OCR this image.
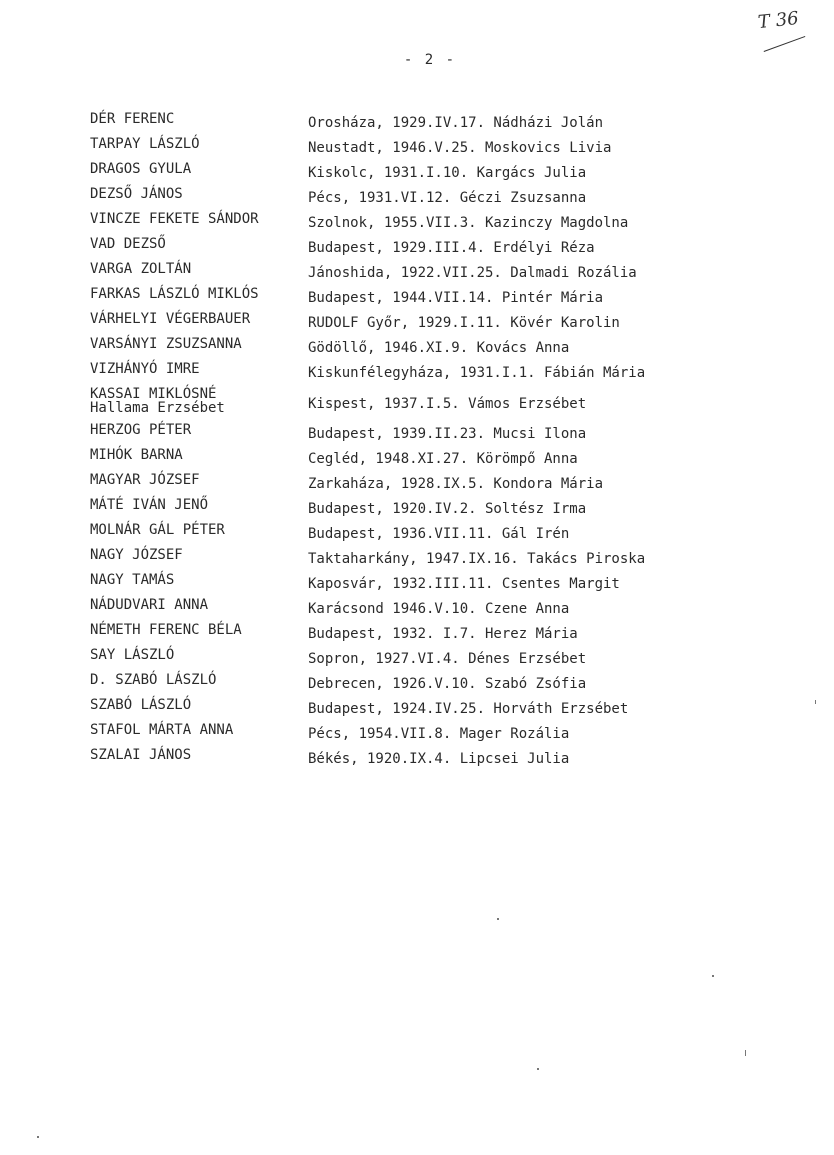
T 36
- 2 -
DÉR FERENC	Orosháza, 1929.IV.17. Nádházi Jolán
TARPAY LÁSZLÓ	Neustadt, 1946.V.25. Moskovics Livia
DRAGOS GYULA	Kiskolc, 1931.I.10. Kargács Julia
DEZSŐ JÁNOS	Pécs, 1931.VI.12. Géczi Zsuzsanna
VINCZE FEKETE SÁNDOR	Szolnok, 1955.VII.3. Kazinczy Magdolna
VAD DEZSŐ	Budapest, 1929.III.4. Erdélyi Réza
VARGA ZOLTÁN	Jánoshida, 1922.VII.25. Dalmadi Rozália
FARKAS LÁSZLÓ MIKLÓS	Budapest, 1944.VII.14. Pintér Mária
VÁRHELYI VÉGERBAUER	RUDOLF Győr, 1929.I.11. Kövér Karolin
VARSÁNYI ZSUZSANNA	Gödöllő, 1946.XI.9. Kovács Anna
VIZHÁNYÓ IMRE	Kiskunfélegyháza, 1931.I.1. Fábián Mária
KASSAI MIKLÓSNÉ
Hallama Erzsébet	Kispest, 1937.I.5. Vámos Erzsébet
HERZOG PÉTER	Budapest, 1939.II.23. Mucsi Ilona
MIHÓK BARNA	Cegléd, 1948.XI.27. Körömpő Anna
MAGYAR JÓZSEF	Zarkaháza, 1928.IX.5. Kondora Mária
MÁTÉ IVÁN JENŐ	Budapest, 1920.IV.2. Soltész Irma
MOLNÁR GÁL PÉTER	Budapest, 1936.VII.11. Gál Irén
NAGY JÓZSEF	Taktaharkány, 1947.IX.16. Takács Piroska
NAGY TAMÁS	Kaposvár, 1932.III.11. Csentes Margit
NÁDUDVARI ANNA	Karácsond 1946.V.10. Czene Anna
NÉMETH FERENC BÉLA	Budapest, 1932. I.7. Herez Mária
SAY LÁSZLÓ	Sopron, 1927.VI.4. Dénes Erzsébet
D. SZABÓ LÁSZLÓ	Debrecen, 1926.V.10. Szabó Zsófia
SZABÓ LÁSZLÓ	Budapest, 1924.IV.25. Horváth Erzsébet
STAFOL MÁRTA ANNA	Pécs, 1954.VII.8. Mager Rozália
SZALAI JÁNOS	Békés, 1920.IX.4. Lipcsei Julia
